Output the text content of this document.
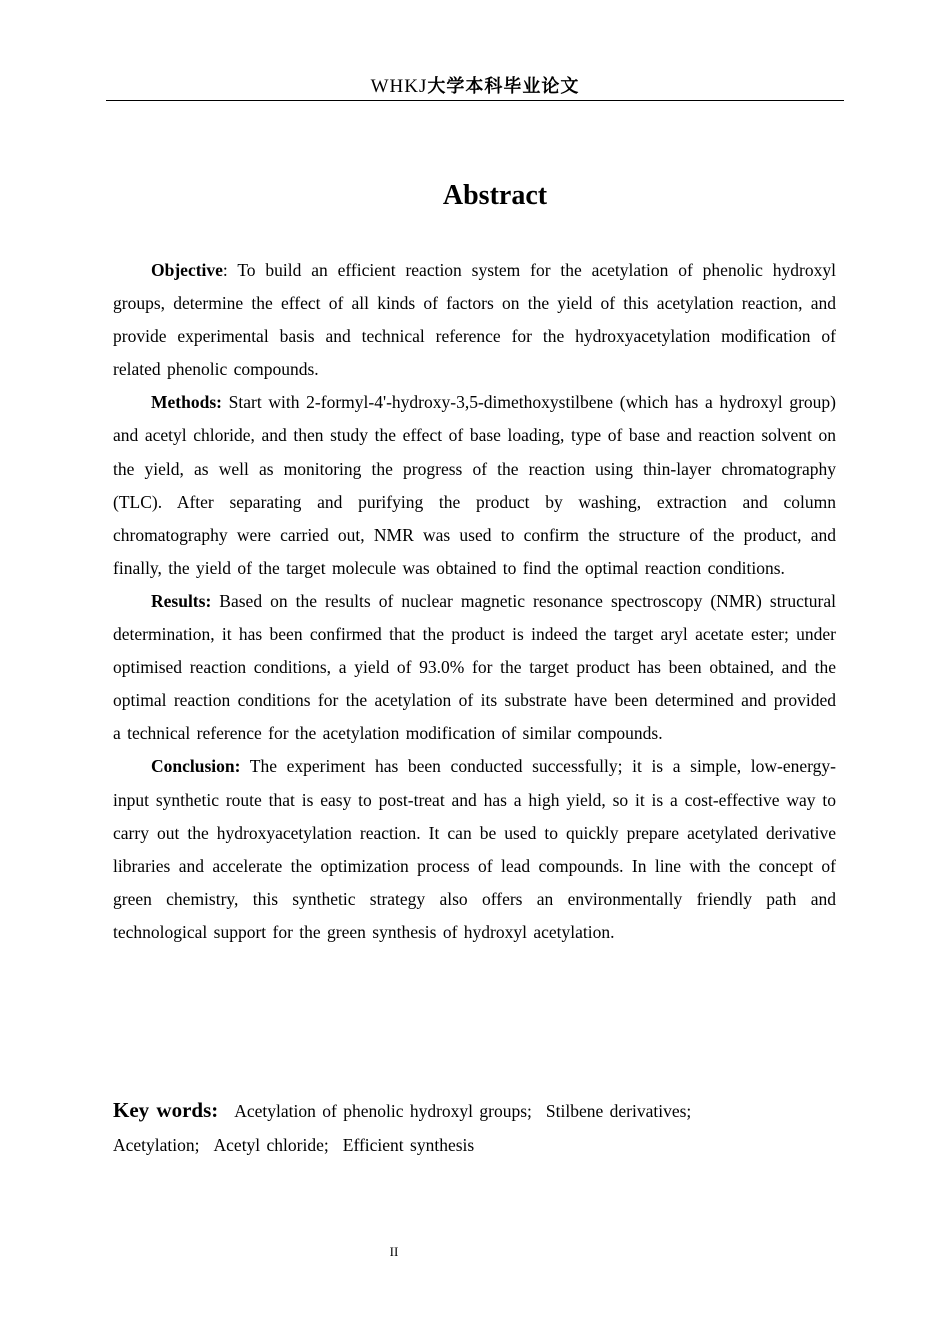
WHKJ大学本科毕业论文
Abstract

Objective: To build an efficient reaction system for the acetylation of phenolic hydroxyl groups, determine the effect of all kinds of factors on the yield of this acetylation reaction, and provide experimental basis and technical reference for the hydroxyacetylation modification of related phenolic compounds.

Methods: Start with 2-formyl-4'-hydroxy-3,5-dimethoxystilbene (which has a hydroxyl group) and acetyl chloride, and then study the effect of base loading, type of base and reaction solvent on the yield, as well as monitoring the progress of the reaction using thin-layer chromatography (TLC). After separating and purifying the product by washing, extraction and column chromatography were carried out, NMR was used to confirm the structure of the product, and finally, the yield of the target molecule was obtained to find the optimal reaction conditions.

Results: Based on the results of nuclear magnetic resonance spectroscopy (NMR) structural determination, it has been confirmed that the product is indeed the target aryl acetate ester; under optimised reaction conditions, a yield of 93.0% for the target product has been obtained, and the optimal reaction conditions for the acetylation of its substrate have been determined and provided a technical reference for the acetylation modification of similar compounds.

Conclusion: The experiment has been conducted successfully; it is a simple, low-energy-input synthetic route that is easy to post-treat and has a high yield, so it is a cost-effective way to carry out the hydroxyacetylation reaction. It can be used to quickly prepare acetylated derivative libraries and accelerate the optimization process of lead compounds. In line with the concept of green chemistry, this synthetic strategy also offers an environmentally friendly path and technological support for the green synthesis of hydroxyl acetylation.

Key words: Acetylation of phenolic hydroxyl groups; Stilbene derivatives;
Acetylation; Acetyl chloride; Efficient synthesis
II
